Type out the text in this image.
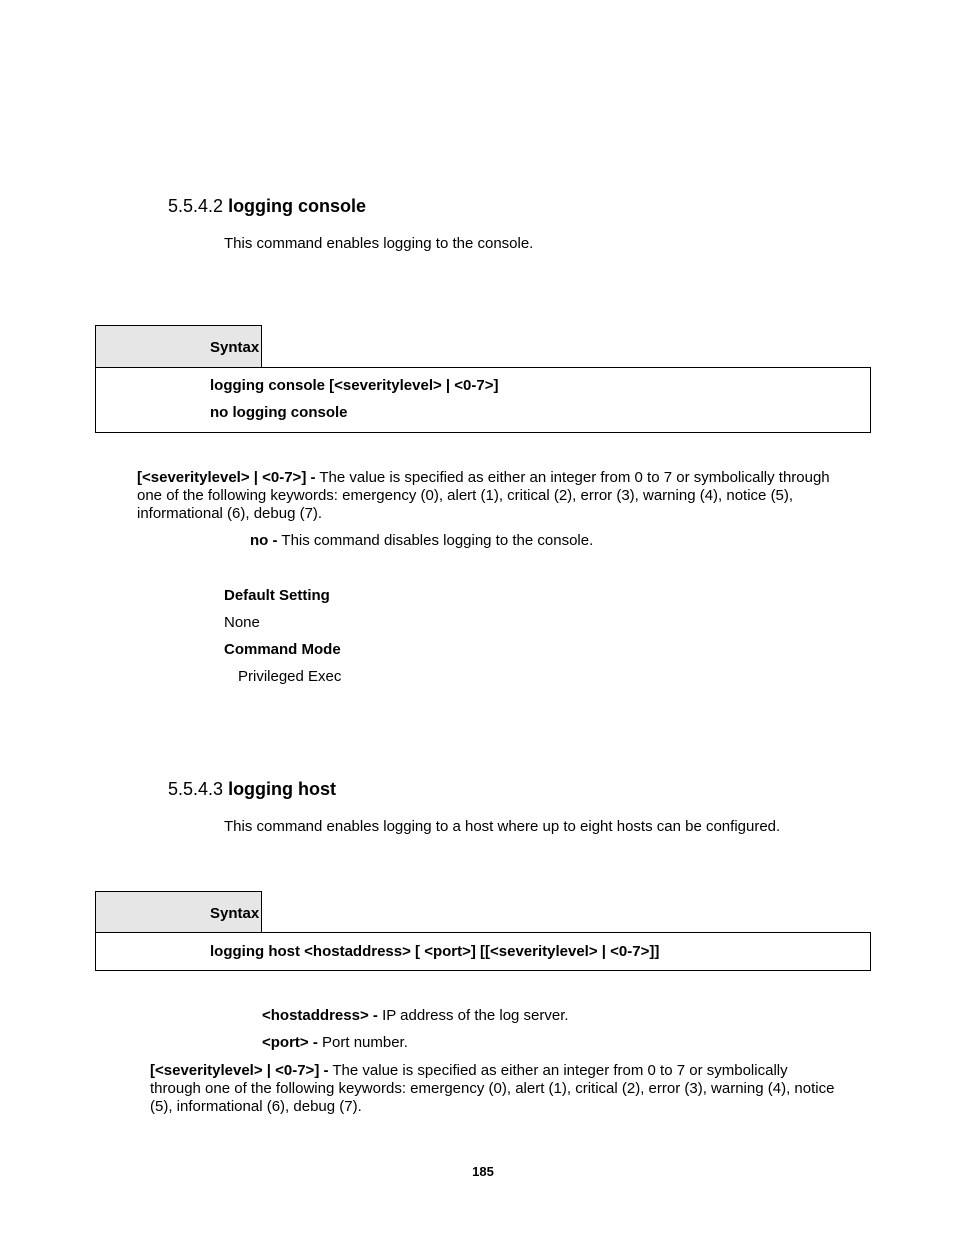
5.5.4.2 logging console
This command enables logging to the console.
Syntax
logging console [<severitylevel> | <0-7>]
no logging console
[<severitylevel> | <0-7>] - The value is specified as either an integer from 0 to 7 or symbolically through
one of the following keywords: emergency (0), alert (1), critical (2), error (3), warning (4), notice (5),
informational (6), debug (7).
no - This command disables logging to the console.
Default Setting
None
Command Mode
Privileged Exec
5.5.4.3 logging host
This command enables logging to a host where up to eight hosts can be configured.
Syntax
logging host <hostaddress> [ <port>] [[<severitylevel> | <0-7>]]
<hostaddress> - IP address of the log server.
<port> - Port number.
[<severitylevel> | <0-7>] - The value is specified as either an integer from 0 to 7 or symbolically
through one of the following keywords: emergency (0), alert (1), critical (2), error (3), warning (4), notice
(5), informational (6), debug (7).
185
